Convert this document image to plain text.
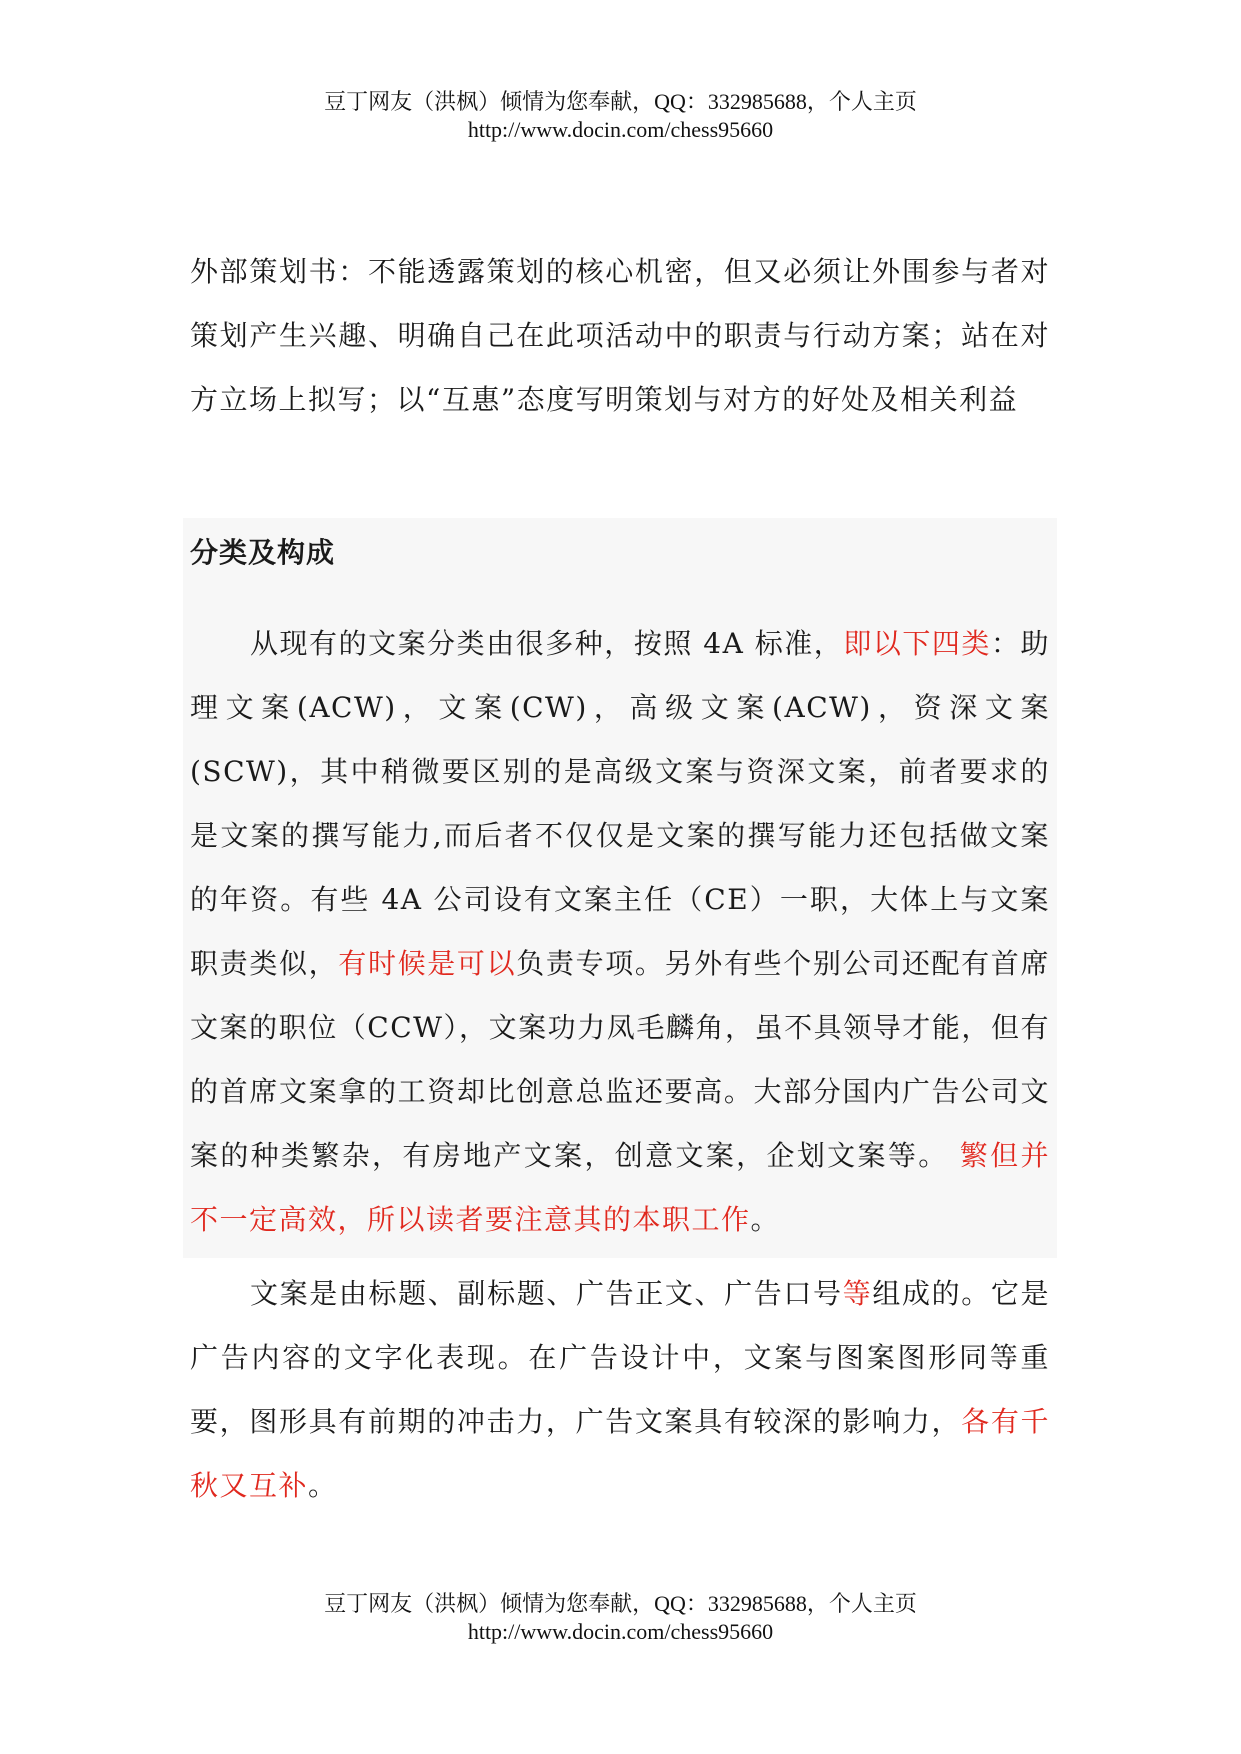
豆丁网友（洪枫）倾情为您奉献，QQ：332985688，个人主页
http://www.docin.com/chess95660
外部策划书：不能透露策划的核心机密，但又必须让外围参与者对策划产生兴趣、明确自己在此项活动中的职责与行动方案；站在对方立场上拟写；以“互惠”态度写明策划与对方的好处及相关利益
分类及构成
从现有的文案分类由很多种，按照 4A 标准，即以下四类：助理文案(ACW)，文案(CW)，高级文案(ACW)，资深文案(SCW)，其中稍微要区别的是高级文案与资深文案，前者要求的是文案的撰写能力,而后者不仅仅是文案的撰写能力还包括做文案的年资。有些 4A 公司设有文案主任（CE）一职，大体上与文案职责类似，有时候是可以负责专项。另外有些个别公司还配有首席文案的职位（CCW），文案功力凤毛麟角，虽不具领导才能，但有的首席文案拿的工资却比创意总监还要高。大部分国内广告公司文案的种类繁杂，有房地产文案，创意文案，企划文案等。 繁但并不一定高效，所以读者要注意其的本职工作。
文案是由标题、副标题、广告正文、广告口号等组成的。它是广告内容的文字化表现。在广告设计中，文案与图案图形同等重要，图形具有前期的冲击力，广告文案具有较深的影响力，各有千秋又互补。
豆丁网友（洪枫）倾情为您奉献，QQ：332985688，个人主页
http://www.docin.com/chess95660
